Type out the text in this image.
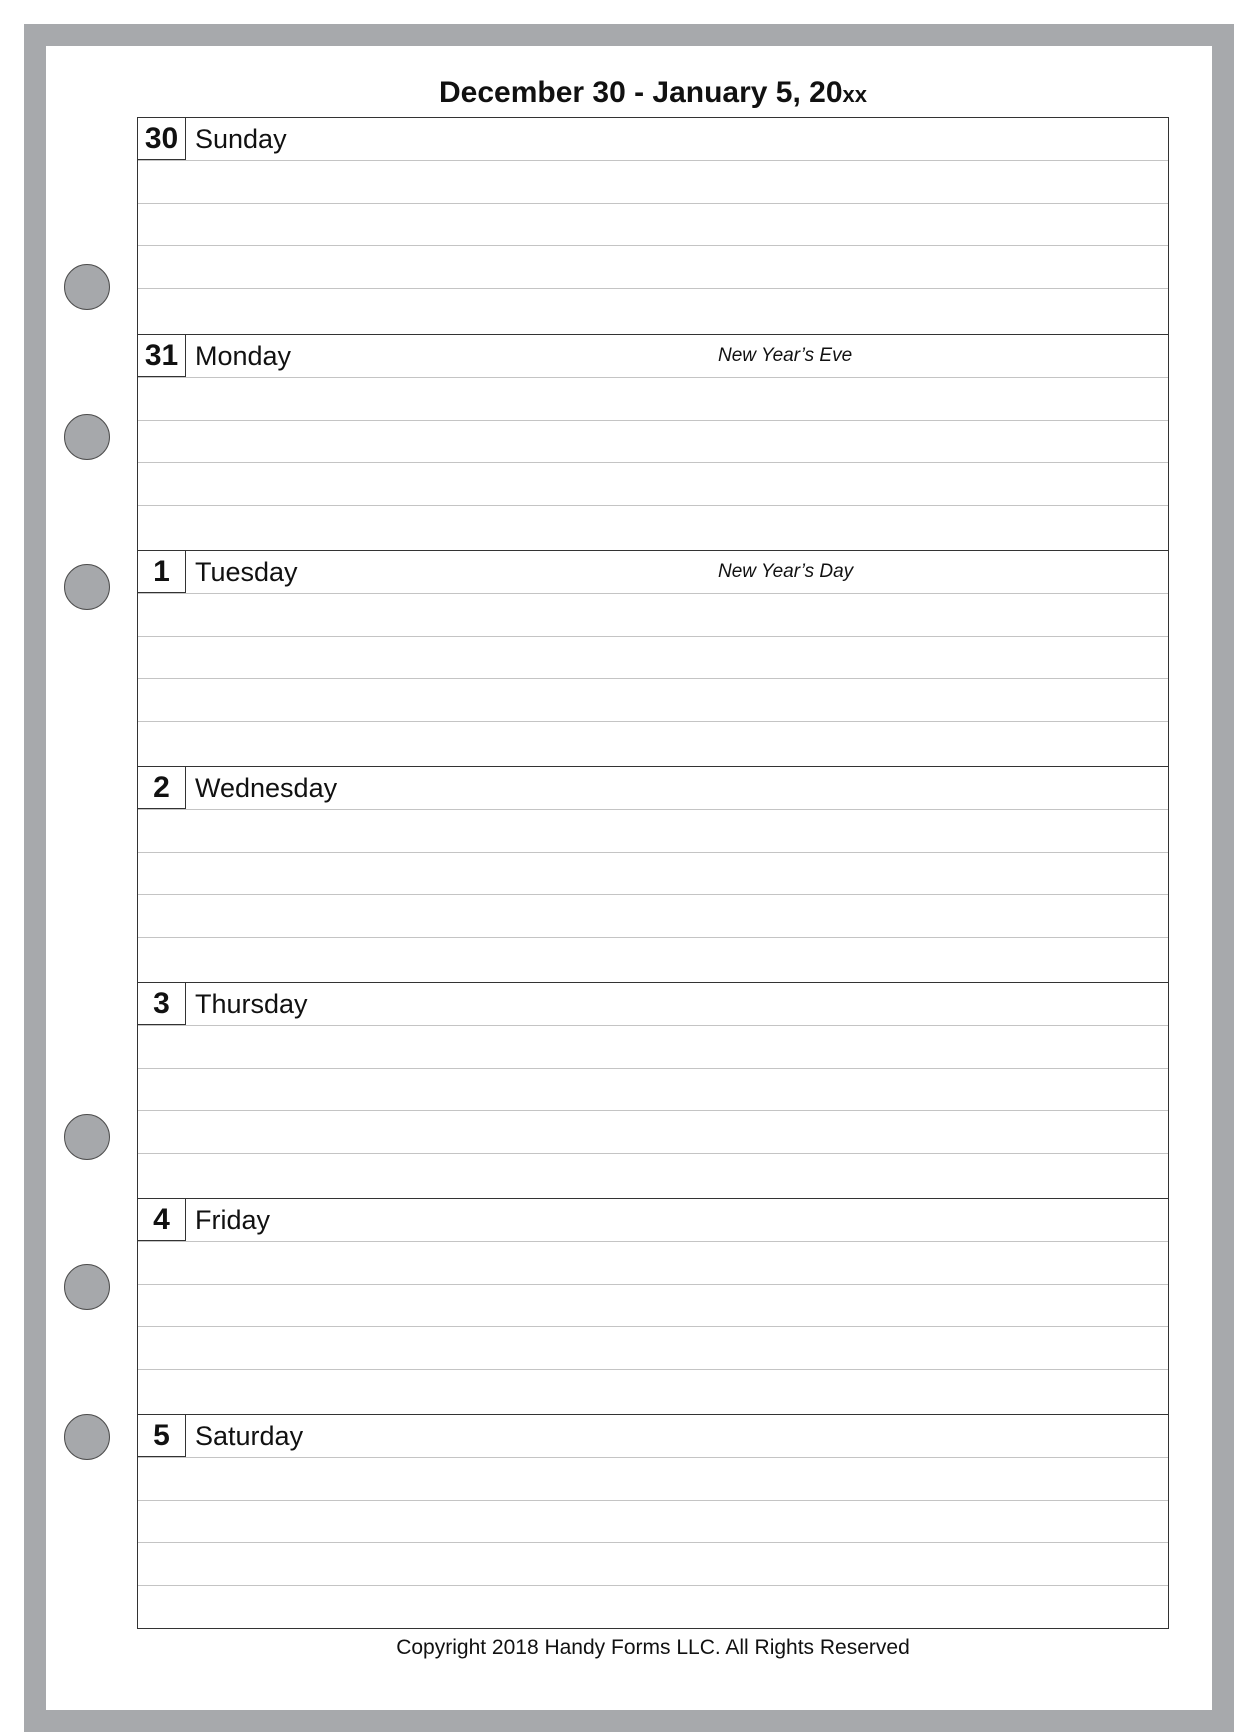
December 30 - January 5, 20xx
30 Sunday
31 Monday	New Year’s Eve
1 Tuesday	New Year’s Day
2 Wednesday
3 Thursday
4 Friday
5 Saturday
Copyright 2018 Handy Forms LLC. All Rights Reserved
